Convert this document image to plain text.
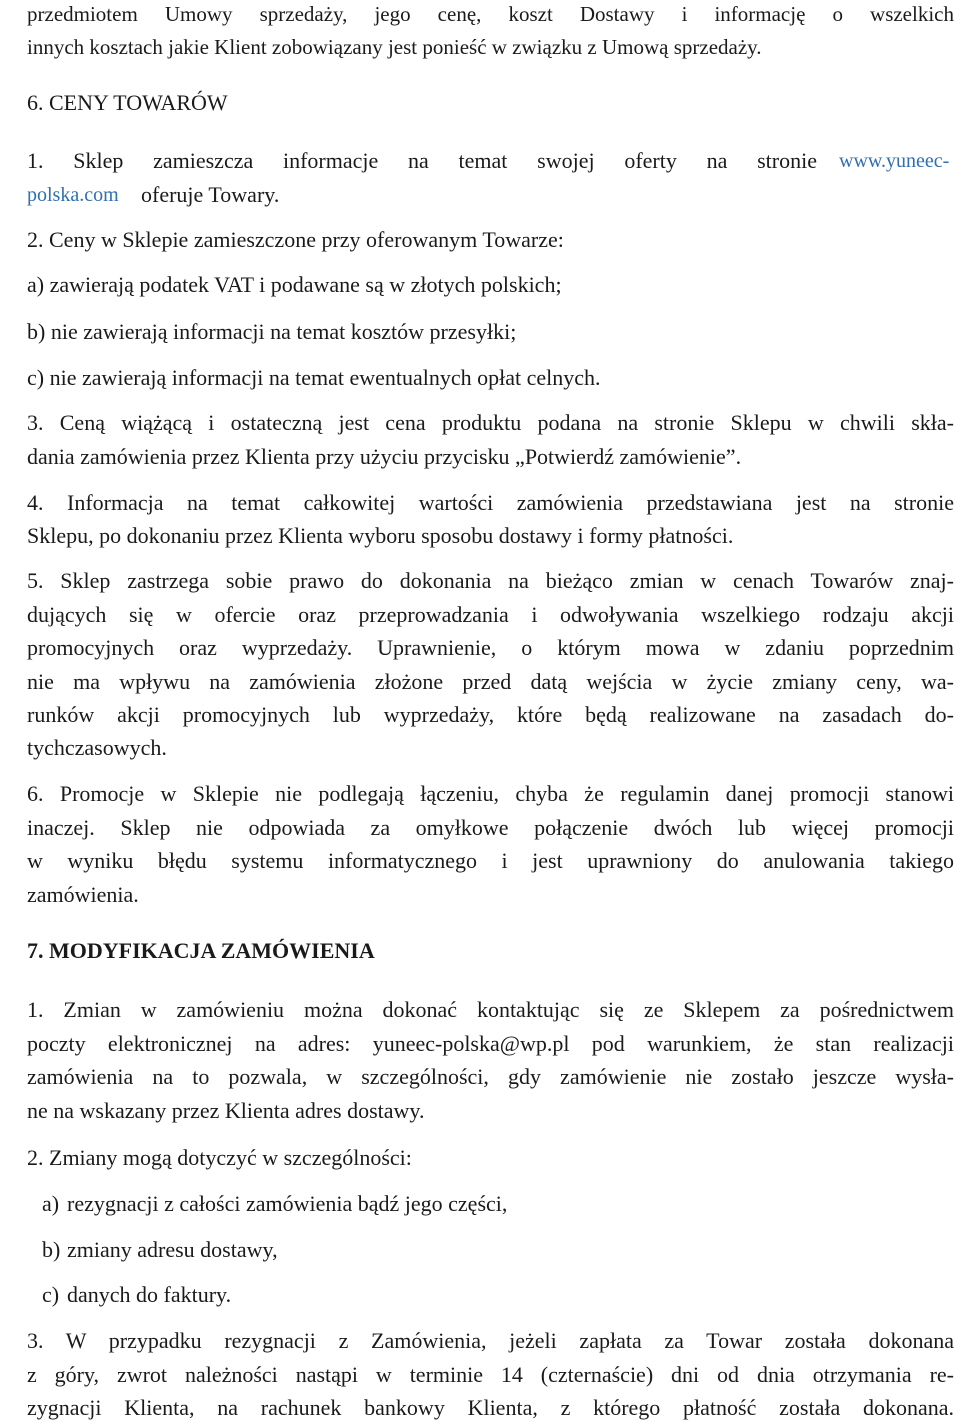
przedmiotem Umowy sprzedaży, jego cenę, koszt Dostawy i informację o wszelkich

innych kosztach jakie Klient zobowiązany jest ponieść w związku z Umową sprzedaży.

6. CENY TOWARÓW

1. Sklep zamieszcza informacje na temat swojej oferty na stronie www.yuneec-
polska.com oferuje Towary.

2. Ceny w Sklepie zamieszczone przy oferowanym Towarze:

a) zawierają podatek VAT i podawane są w złotych polskich;

b) nie zawierają informacji na temat kosztów przesyłki;

c) nie zawierają informacji na temat ewentualnych opłat celnych.

3. Ceną wiążącą i ostateczną jest cena produktu podana na stronie Sklepu w chwili skła-

dania zamówienia przez Klienta przy użyciu przycisku „Potwierdź zamówienie”.

4. Informacja na temat całkowitej wartości zamówienia przedstawiana jest na stronie

Sklepu, po dokonaniu przez Klienta wyboru sposobu dostawy i formy płatności.

5. Sklep zastrzega sobie prawo do dokonania na bieżąco zmian w cenach Towarów znaj-

dujących się w ofercie oraz przeprowadzania i odwoływania wszelkiego rodzaju akcji

promocyjnych oraz wyprzedaży. Uprawnienie, o którym mowa w zdaniu poprzednim

nie ma wpływu na zamówienia złożone przed datą wejścia w życie zmiany ceny, wa-

runków akcji promocyjnych lub wyprzedaży, które będą realizowane na zasadach do-

tychczasowych.

6. Promocje w Sklepie nie podlegają łączeniu, chyba że regulamin danej promocji stanowi

inaczej. Sklep nie odpowiada za omyłkowe połączenie dwóch lub więcej promocji

w wyniku błędu systemu informatycznego i jest uprawniony do anulowania takiego

zamówienia.

7. MODYFIKACJA ZAMÓWIENIA

1. Zmian w zamówieniu można dokonać kontaktując się ze Sklepem za pośrednictwem

poczty elektronicznej na adres: yuneec-polska@wp.pl pod warunkiem, że stan realizacji

zamówienia na to pozwala, w szczególności, gdy zamówienie nie zostało jeszcze wysła-

ne na wskazany przez Klienta adres dostawy.

2. Zmiany mogą dotyczyć w szczególności:

a) rezygnacji z całości zamówienia bądź jego części,
b) zmiany adresu dostawy,
c) danych do faktury.

3. W przypadku rezygnacji z Zamówienia, jeżeli zapłata za Towar została dokonana

z góry, zwrot należności nastąpi w terminie 14 (czternaście) dni od dnia otrzymania re-

zygnacji Klienta, na rachunek bankowy Klienta, z którego płatność została dokonana.
